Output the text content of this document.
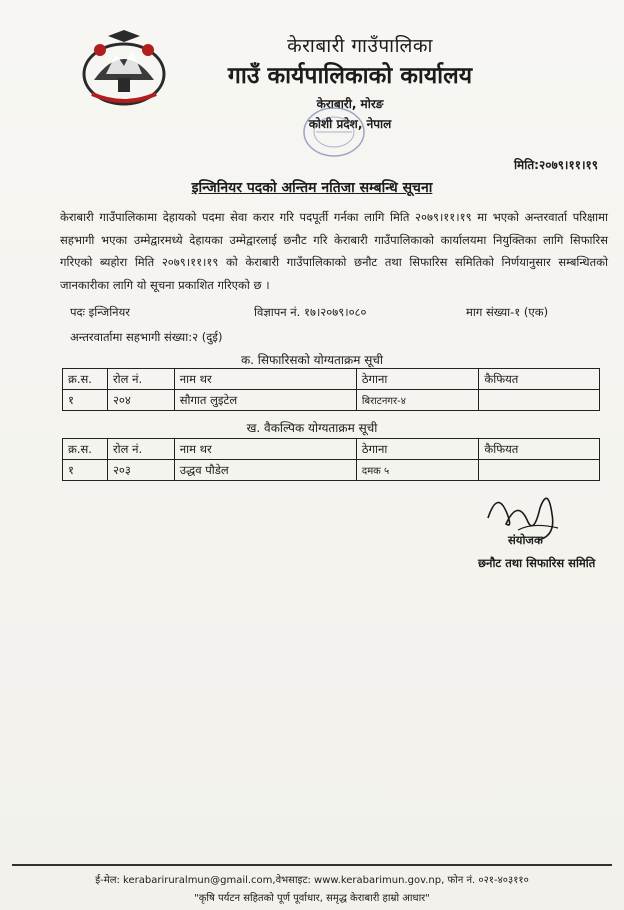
केराबारी गाउँपालिका
गाउँ कार्यपालिकाको कार्यालय
केराबारी, मोरङ
कोशी प्रदेश, नेपाल
मिति:२०७९।११।१९
इन्जिनियर पदको अन्तिम नतिजा सम्बन्धि सूचना
केराबारी गाउँपालिकामा देहायको पदमा सेवा करार गरि पदपूर्ती गर्नका लागि मिति २०७९।११।१९ मा भएको अन्तरवार्ता परिक्षामा सहभागी भएका उम्मेद्वारमध्ये देहायका उम्मेद्वारलाई छनौट गरि केराबारी गाउँपालिकाको कार्यालयमा नियुक्तिका लागि सिफारिस गरिएको ब्यहोरा मिति २०७९।११।१९ को केराबारी गाउँपालिकाको छनौट तथा सिफारिस समितिको निर्णयानुसार सम्बन्धितको जानकारीका लागि यो सूचना प्रकाशित गरिएको छ ।
पदः इन्जिनियर	विज्ञापन नं. १७।२०७९।०८०	माग संख्या-१ (एक)
अन्तरवार्तामा सहभागी संख्या:२ (दुई)
क. सिफारिसको योग्यताक्रम सूची
क्र.स.	रोल नं.	नाम थर	ठेगाना	कैफियत
१	२०४	सौगात लुइटेल	बिराटनगर-४	
ख. वैकल्पिक योग्यताक्रम सूची
क्र.स.	रोल नं.	नाम थर	ठेगाना	कैफियत
१	२०३	उद्धव पौडेल	दमक ५	
संयोजक
छनौट तथा सिफारिस समिति
ई-मेल: kerabariruralmun@gmail.com,वेभसाइट: www.kerabarimun.gov.np, फोन नं. ०२१-४०३११०
"कृषि पर्यटन सहितको पूर्ण पूर्वाधार, समृद्ध केराबारी हाम्रो आधार"
